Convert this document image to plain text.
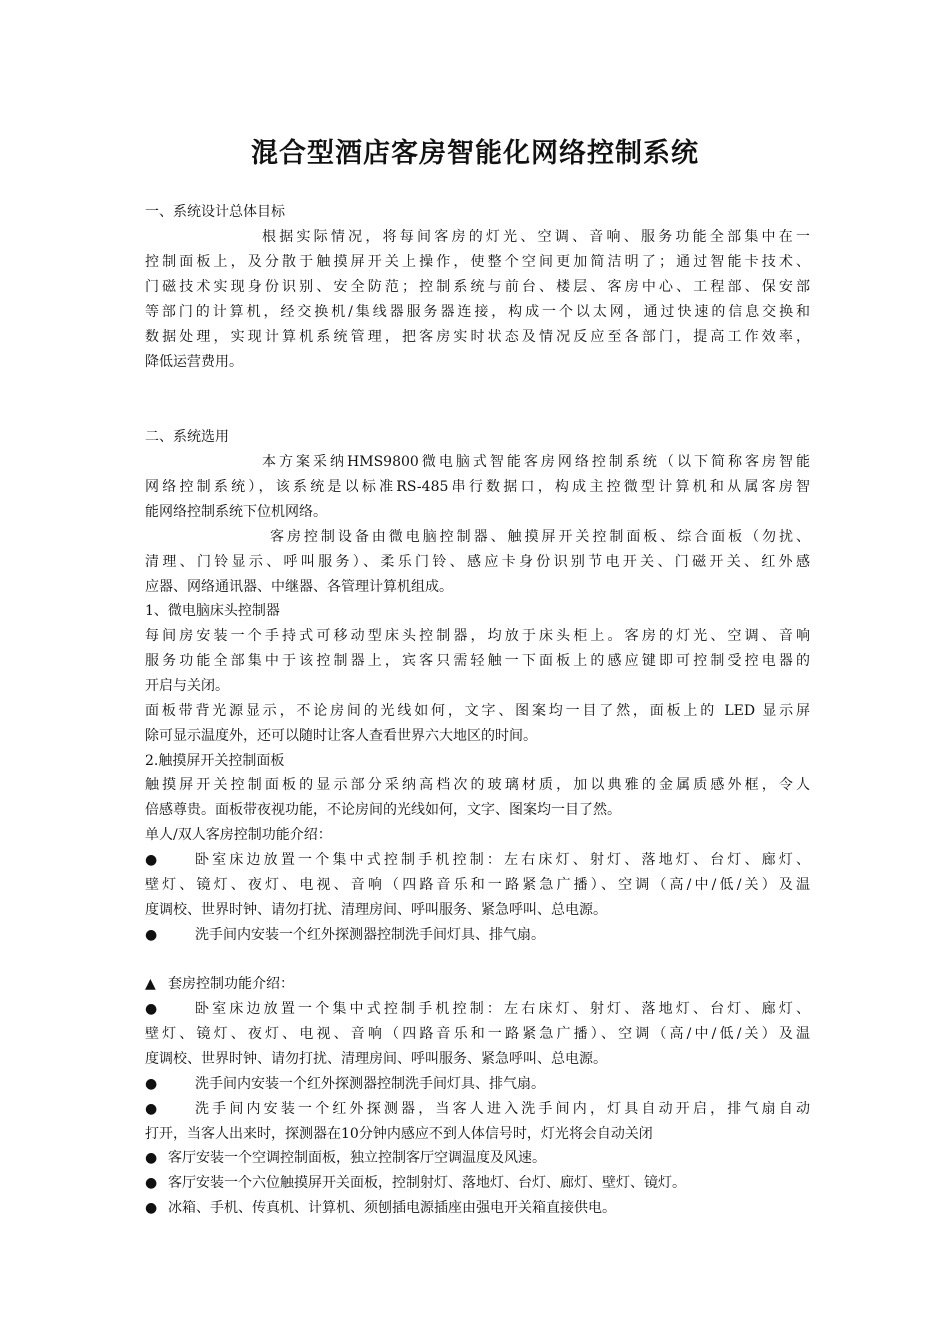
混合型酒店客房智能化网络控制系统
一、系统设计总体目标
根据实际情况，将每间客房的灯光、空调、音响、服务功能全部集中在一
控制面板上，及分散于触摸屏开关上操作，使整个空间更加简洁明了；通过智能卡技术、
门磁技术实现身份识别、安全防范；控制系统与前台、楼层、客房中心、工程部、保安部
等部门的计算机，经交换机/集线器服务器连接，构成一个以太网，通过快速的信息交换和
数据处理，实现计算机系统管理，把客房实时状态及情况反应至各部门，提高工作效率，
降低运营费用。
二、系统选用
本方案采纳HMS9800微电脑式智能客房网络控制系统（以下简称客房智能
网络控制系统），该系统是以标准RS-485串行数据口，构成主控微型计算机和从属客房智
能网络控制系统下位机网络。
客房控制设备由微电脑控制器、触摸屏开关控制面板、综合面板（勿扰、
清理、门铃显示、呼叫服务）、柔乐门铃、感应卡身份识别节电开关、门磁开关、红外感
应器、网络通讯器、中继器、各管理计算机组成。
1、微电脑床头控制器
每间房安装一个手持式可移动型床头控制器，均放于床头柜上。客房的灯光、空调、音响
服务功能全部集中于该控制器上，宾客只需轻触一下面板上的感应键即可控制受控电器的
开启与关闭。
面板带背光源显示，不论房间的光线如何，文字、图案均一目了然，面板上的 LED 显示屏
除可显示温度外，还可以随时让客人查看世界六大地区的时间。
2.触摸屏开关控制面板
触摸屏开关控制面板的显示部分采纳高档次的玻璃材质，加以典雅的金属质感外框，令人
倍感尊贵。面板带夜视功能，不论房间的光线如何，文字、图案均一目了然。
单人/双人客房控制功能介绍：
●	卧室床边放置一个集中式控制手机控制：左右床灯、射灯、落地灯、台灯、廊灯、
壁灯、镜灯、夜灯、电视、音响（四路音乐和一路紧急广播）、空调（高/中/低/关）及温
度调校、世界时钟、请勿打扰、清理房间、呼叫服务、紧急呼叫、总电源。
●	洗手间内安装一个红外探测器控制洗手间灯具、排气扇。
▲ 套房控制功能介绍：
●	卧室床边放置一个集中式控制手机控制：左右床灯、射灯、落地灯、台灯、廊灯、
壁灯、镜灯、夜灯、电视、音响（四路音乐和一路紧急广播）、空调（高/中/低/关）及温
度调校、世界时钟、请勿打扰、清理房间、呼叫服务、紧急呼叫、总电源。
●	洗手间内安装一个红外探测器控制洗手间灯具、排气扇。
●	洗手间内安装一个红外探测器，当客人进入洗手间内，灯具自动开启，排气扇自动
打开，当客人出来时，探测器在10分钟内感应不到人体信号时，灯光将会自动关闭
● 客厅安装一个空调控制面板，独立控制客厅空调温度及风速。
● 客厅安装一个六位触摸屏开关面板，控制射灯、落地灯、台灯、廊灯、壁灯、镜灯。
● 冰箱、手机、传真机、计算机、须刨插电源插座由强电开关箱直接供电。
